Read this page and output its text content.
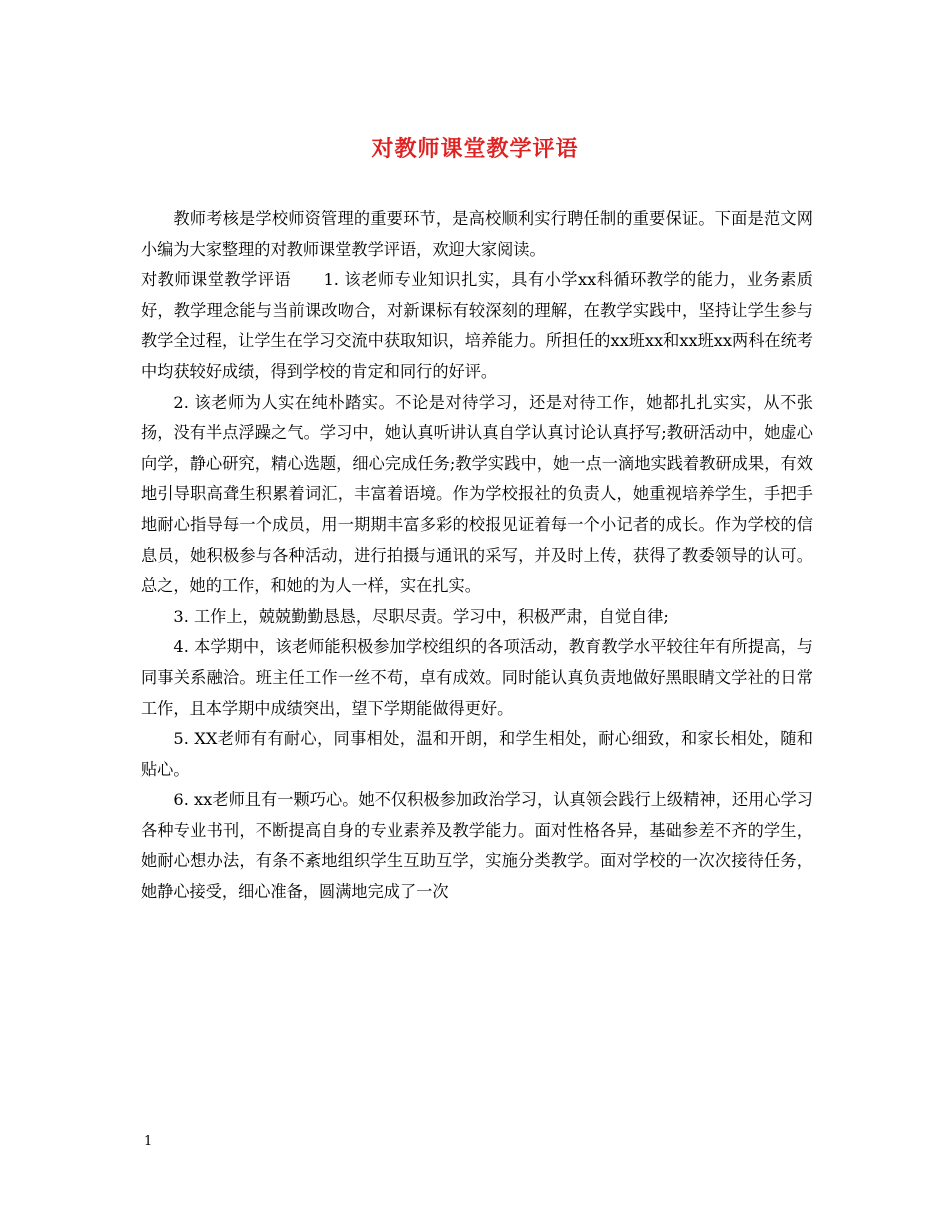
对教师课堂教学评语

教师考核是学校师资管理的重要环节，是高校顺利实行聘任制的重要保证。下面是范文网小编为大家整理的对教师课堂教学评语，欢迎大家阅读。

对教师课堂教学评语 1. 该老师专业知识扎实，具有小学xx科循环教学的能力，业务素质好，教学理念能与当前课改吻合，对新课标有较深刻的理解，在教学实践中，坚持让学生参与教学全过程，让学生在学习交流中获取知识，培养能力。所担任的xx班xx和xx班xx两科在统考中均获较好成绩，得到学校的肯定和同行的好评。

2. 该老师为人实在纯朴踏实。不论是对待学习，还是对待工作，她都扎扎实实，从不张扬，没有半点浮躁之气。学习中，她认真听讲认真自学认真讨论认真抒写;教研活动中，她虚心向学，静心研究，精心选题，细心完成任务;教学实践中，她一点一滴地实践着教研成果，有效地引导职高聋生积累着词汇，丰富着语境。作为学校报社的负责人，她重视培养学生，手把手地耐心指导每一个成员，用一期期丰富多彩的校报见证着每一个小记者的成长。作为学校的信息员，她积极参与各种活动，进行拍摄与通讯的采写，并及时上传，获得了教委领导的认可。总之，她的工作，和她的为人一样，实在扎实。

3. 工作上，兢兢勤勤恳恳，尽职尽责。学习中，积极严肃，自觉自律;

4. 本学期中，该老师能积极参加学校组织的各项活动，教育教学水平较往年有所提高，与同事关系融洽。班主任工作一丝不苟，卓有成效。同时能认真负责地做好黑眼睛文学社的日常工作，且本学期中成绩突出，望下学期能做得更好。

5. XX老师有有耐心，同事相处，温和开朗，和学生相处，耐心细致，和家长相处，随和贴心。

6. xx老师且有一颗巧心。她不仅积极参加政治学习，认真领会践行上级精神，还用心学习各种专业书刊，不断提高自身的专业素养及教学能力。面对性格各异，基础参差不齐的学生，她耐心想办法，有条不紊地组织学生互助互学，实施分类教学。面对学校的一次次接待任务，她静心接受，细心准备，圆满地完成了一次

1
